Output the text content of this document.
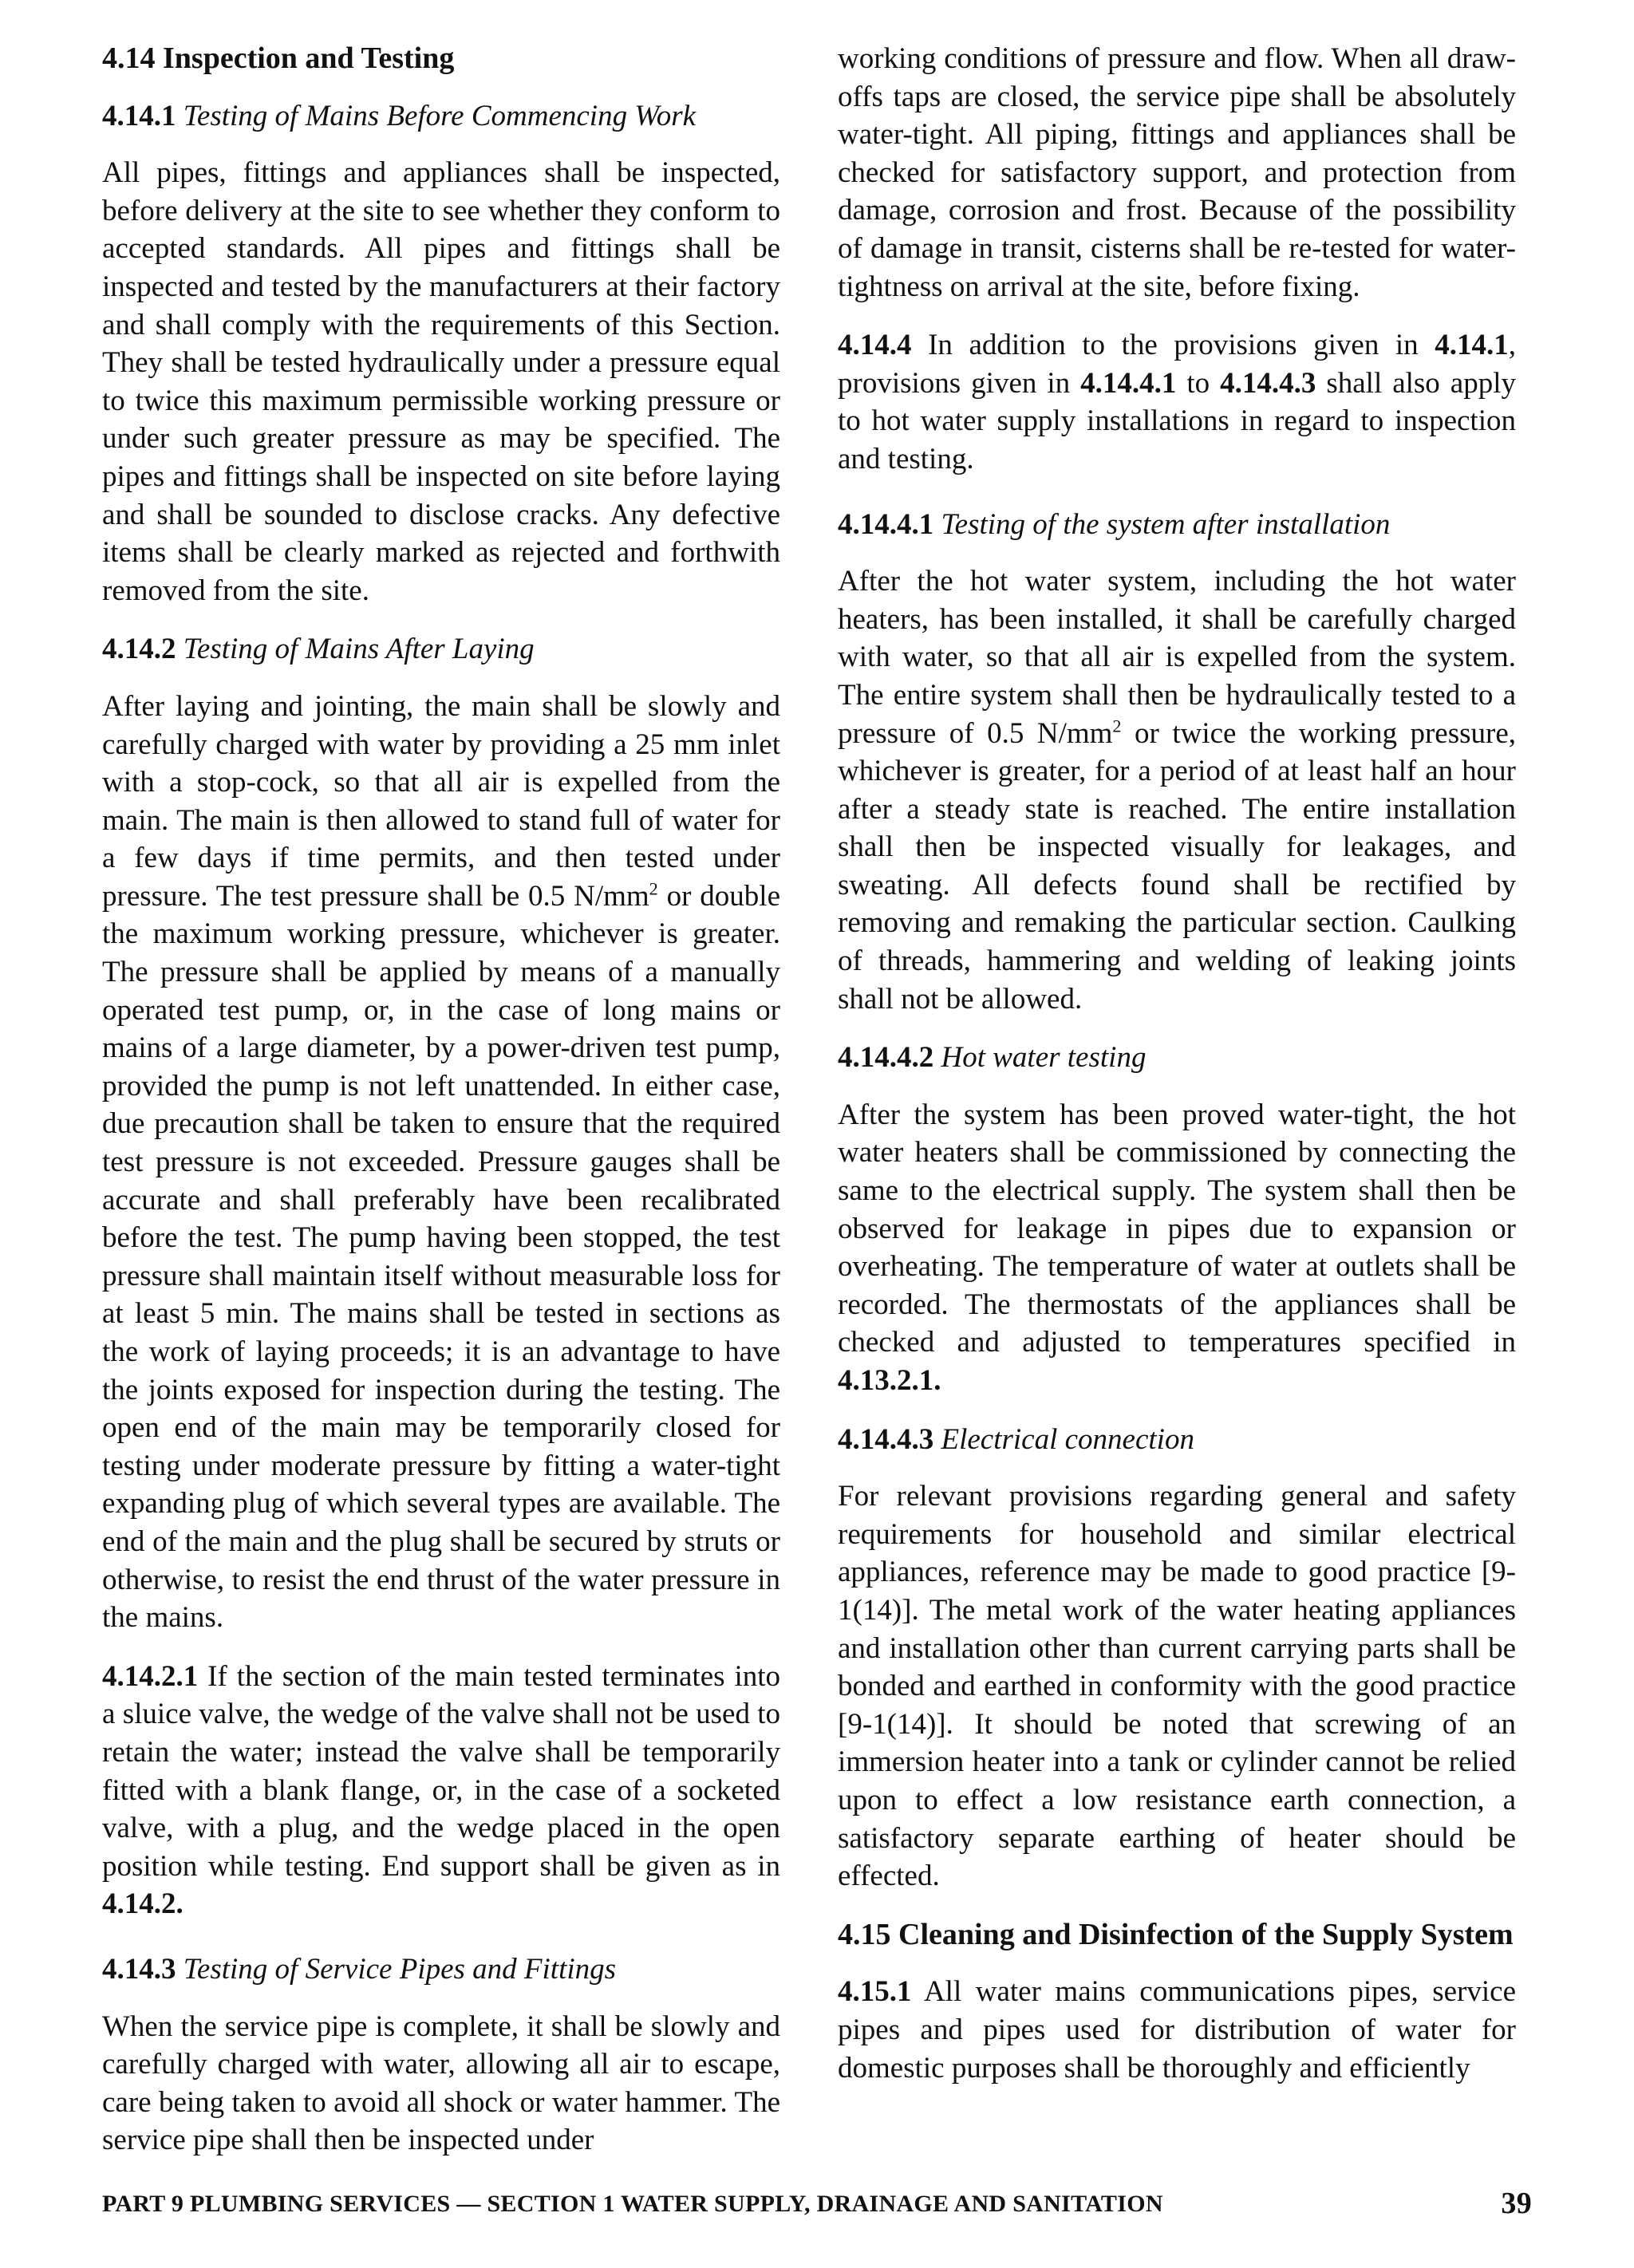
4.14 Inspection and Testing
4.14.1 Testing of Mains Before Commencing Work

All pipes, fittings and appliances shall be inspected, before delivery at the site to see whether they conform to accepted standards. All pipes and fittings shall be inspected and tested by the manufacturers at their factory and shall comply with the requirements of this Section. They shall be tested hydraulically under a pressure equal to twice this maximum permissible working pressure or under such greater pressure as may be specified. The pipes and fittings shall be inspected on site before laying and shall be sounded to disclose cracks. Any defective items shall be clearly marked as rejected and forthwith removed from the site.

4.14.2 Testing of Mains After Laying

After laying and jointing, the main shall be slowly and carefully charged with water by providing a 25 mm inlet with a stop-cock, so that all air is expelled from the main. The main is then allowed to stand full of water for a few days if time permits, and then tested under pressure. The test pressure shall be 0.5 $N/mm^2$ or double the maximum working pressure, whichever is greater. The pressure shall be applied by means of a manually operated test pump, or, in the case of long mains or mains of a large diameter, by a power-driven test pump, provided the pump is not left unattended. In either case, due precaution shall be taken to ensure that the required test pressure is not exceeded. Pressure gauges shall be accurate and shall preferably have been recalibrated before the test. The pump having been stopped, the test pressure shall maintain itself without measurable loss for at least 5 min. The mains shall be tested in sections as the work of laying proceeds; it is an advantage to have the joints exposed for inspection during the testing. The open end of the main may be temporarily closed for testing under moderate pressure by fitting a water-tight expanding plug of which several types are available. The end of the main and the plug shall be secured by struts or otherwise, to resist the end thrust of the water pressure in the mains.

4.14.2.1 If the section of the main tested terminates into a sluice valve, the wedge of the valve shall not be used to retain the water; instead the valve shall be temporarily fitted with a blank flange, or, in the case of a socketed valve, with a plug, and the wedge placed in the open position while testing. End support shall be given as in 4.14.2.

4.14.3 Testing of Service Pipes and Fittings

When the service pipe is complete, it shall be slowly and carefully charged with water, allowing all air to escape, care being taken to avoid all shock or water hammer. The service pipe shall then be inspected under

working conditions of pressure and flow. When all draw-offs taps are closed, the service pipe shall be absolutely water-tight. All piping, fittings and appliances shall be checked for satisfactory support, and protection from damage, corrosion and frost. Because of the possibility of damage in transit, cisterns shall be re-tested for water-tightness on arrival at the site, before fixing.

4.14.4 In addition to the provisions given in 4.14.1, provisions given in 4.14.4.1 to 4.14.4.3 shall also apply to hot water supply installations in regard to inspection and testing.

4.14.4.1 Testing of the system after installation

After the hot water system, including the hot water heaters, has been installed, it shall be carefully charged with water, so that all air is expelled from the system. The entire system shall then be hydraulically tested to a pressure of 0.5 $N/mm^2$ or twice the working pressure, whichever is greater, for a period of at least half an hour after a steady state is reached. The entire installation shall then be inspected visually for leakages, and sweating. All defects found shall be rectified by removing and remaking the particular section. Caulking of threads, hammering and welding of leaking joints shall not be allowed.

4.14.4.2 Hot water testing

After the system has been proved water-tight, the hot water heaters shall be commissioned by connecting the same to the electrical supply. The system shall then be observed for leakage in pipes due to expansion or overheating. The temperature of water at outlets shall be recorded. The thermostats of the appliances shall be checked and adjusted to temperatures specified in 4.13.2.1.

4.14.4.3 Electrical connection

For relevant provisions regarding general and safety requirements for household and similar electrical appliances, reference may be made to good practice [9-1(14)]. The metal work of the water heating appliances and installation other than current carrying parts shall be bonded and earthed in conformity with the good practice [9-1(14)]. It should be noted that screwing of an immersion heater into a tank or cylinder cannot be relied upon to effect a low resistance earth connection, a satisfactory separate earthing of heater should be effected.

4.15 Cleaning and Disinfection of the Supply System

4.15.1 All water mains communications pipes, service pipes and pipes used for distribution of water for domestic purposes shall be thoroughly and efficiently

PART 9 PLUMBING SERVICES — SECTION 1 WATER SUPPLY, DRAINAGE AND SANITATION	39
